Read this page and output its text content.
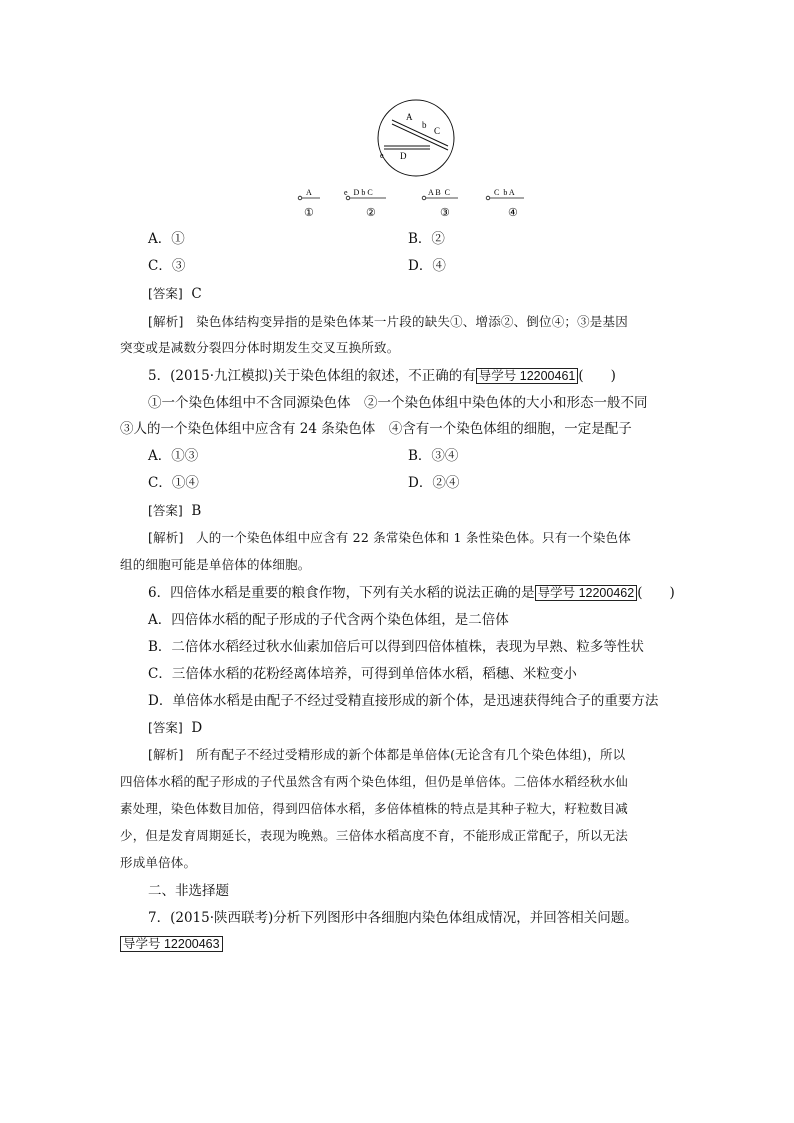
A
b
C
e D
A
①
e   D b C
②
A B  C
③
C  b A
④
A．①	B．②
C．③	D．④
[答案] C
[解析] 染色体结构变异指的是染色体某一片段的缺失①、增添②、倒位④；③是基因
突变或是减数分裂四分体时期发生交叉互换所致。
5．(2015·九江模拟)关于染色体组的叙述，不正确的有 导学号 12200461 (　　)
①一个染色体组中不含同源染色体　②一个染色体组中染色体的大小和形态一般不同
③人的一个染色体组中应含有 24 条染色体　④含有一个染色体组的细胞，一定是配子
A．①③	B．③④
C．①④	D．②④
[答案] B
[解析] 人的一个染色体组中应含有 22 条常染色体和 1 条性染色体。只有一个染色体
组的细胞可能是单倍体的体细胞。
6．四倍体水稻是重要的粮食作物，下列有关水稻的说法正确的是 导学号 12200462 (　　)
A．四倍体水稻的配子形成的子代含两个染色体组，是二倍体
B．二倍体水稻经过秋水仙素加倍后可以得到四倍体植株，表现为早熟、粒多等性状
C．三倍体水稻的花粉经离体培养，可得到单倍体水稻，稻穗、米粒变小
D．单倍体水稻是由配子不经过受精直接形成的新个体，是迅速获得纯合子的重要方法
[答案] D
[解析] 所有配子不经过受精形成的新个体都是单倍体(无论含有几个染色体组)，所以
四倍体水稻的配子形成的子代虽然含有两个染色体组，但仍是单倍体。二倍体水稻经秋水仙
素处理，染色体数目加倍，得到四倍体水稻，多倍体植株的特点是其种子粒大，籽粒数目减
少，但是发育周期延长，表现为晚熟。三倍体水稻高度不育，不能形成正常配子，所以无法
形成单倍体。
二、非选择题
7．(2015·陕西联考)分析下列图形中各细胞内染色体组成情况，并回答相关问题。
导学号 12200463
